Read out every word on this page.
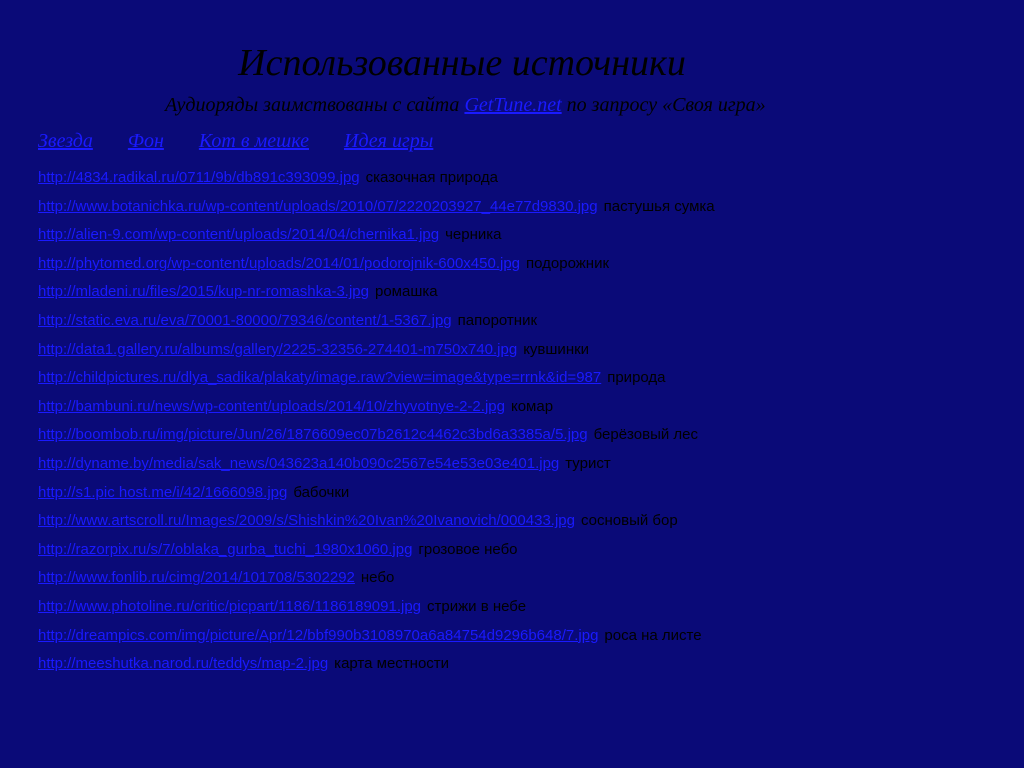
Использованные источники
Аудиоряды заимствованы с сайта GetTune.net по запросу «Своя игра»
Звезда Фон Кот в мешке Идея игры
http://4834.radikal.ru/0711/9b/db891c393099.jpg сказочная природа
http://www.botanichka.ru/wp-content/uploads/2010/07/2220203927_44e77d9830.jpg пастушья сумка
http://alien-9.com/wp-content/uploads/2014/04/chernika1.jpg черника
http://phytomed.org/wp-content/uploads/2014/01/podorojnik-600x450.jpg подорожник
http://mladeni.ru/files/2015/kup-nr-romashka-3.jpg ромашка
http://static.eva.ru/eva/70001-80000/79346/content/1-5367.jpg папоротник
http://data1.gallery.ru/albums/gallery/2225-32356-274401-m750x740.jpg кувшинки
http://childpictures.ru/dlya_sadika/plakaty/image.raw?view=image&type=rrnk&id=987 природа
http://bambuni.ru/news/wp-content/uploads/2014/10/zhyvotnye-2-2.jpg комар
http://boombob.ru/img/picture/Jun/26/1876609ec07b2612c4462c3bd6a3385a/5.jpg берёзовый лес
http://dyname.by/media/sak_news/043623a140b090c2567e54e53e03e401.jpg турист
http://s1.pic host.me/i/42/1666098.jpg бабочки
http://www.artscroll.ru/Images/2009/s/Shishkin%20Ivan%20Ivanovich/000433.jpg сосновый бор
http://razorpix.ru/s/7/oblaka_gurba_tuchi_1980x1060.jpg грозовое небо
http://www.fonlib.ru/cimg/2014/101708/5302292 небо
http://www.photoline.ru/critic/picpart/1186/1186189091.jpg стрижи в небе
http://dreampics.com/img/picture/Apr/12/bbf990b3108970a6a84754d9296b648/7.jpg роса на листе
http://meeshutka.narod.ru/teddys/map-2.jpg карта местности
